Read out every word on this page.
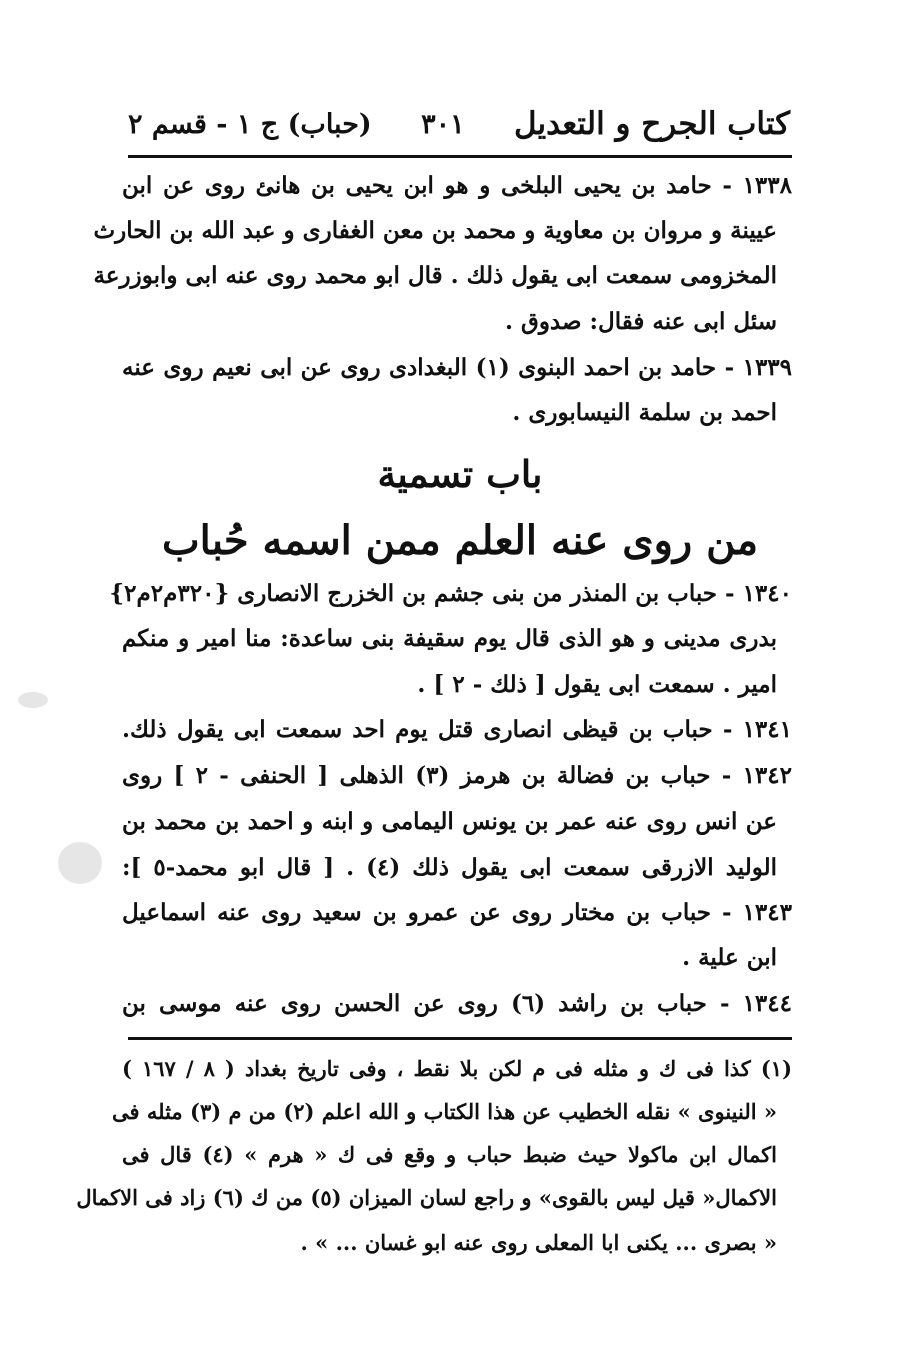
كتاب الجرح و التعديل
٣٠١
(حباب) ج ١ - قسم ٢
١٣٣٨ - حامد بن يحيى البلخى و هو ابن يحيى بن هانئ روى عن ابن
عيينة و مروان بن معاوية و محمد بن معن الغفارى و عبد الله بن الحارث
المخزومى سمعت ابى يقول ذلك . قال ابو محمد روى عنه ابى وابوزرعة
سئل ابى عنه فقال: صدوق .
١٣٣٩ - حامد بن احمد البنوى (١) البغدادى روى عن ابى نعيم روى عنه
احمد بن سلمة النيسابورى .
باب تسمية
من روى عنه العلم ممن اسمه حُباب
١٣٤٠ - حباب بن المنذر من بنى جشم بن الخزرج الانصارى {٣٢٠م٢م٢}
بدرى مدينى و هو الذى قال يوم سقيفة بنى ساعدة: منا امير و منكم
امير . سمعت ابى يقول [ ذلك - ٢ ] .
١٣٤١ - حباب بن قيظى انصارى قتل يوم احد سمعت ابى يقول ذلك.
١٣٤٢ - حباب بن فضالة بن هرمز (٣) الذهلى [ الحنفى - ٢ ] روى
عن انس روى عنه عمر بن يونس اليمامى و ابنه و احمد بن محمد بن
الوليد الازرقى سمعت ابى يقول ذلك (٤) . [ قال ابو محمد-٥ ]:
١٣٤٣ - حباب بن مختار روى عن عمرو بن سعيد روى عنه اسماعيل
ابن علية .
١٣٤٤ - حباب بن راشد (٦) روى عن الحسن روى عنه موسى بن
(١) كذا فى ك و مثله فى م لكن بلا نقط ، وفى تاريخ بغداد ( ٨ / ١٦٧ )
« النينوى » نقله الخطيب عن هذا الكتاب و الله اعلم (٢) من م (٣) مثله فى
اكمال ابن ماكولا حيث ضبط حباب و وقع فى ك « هرم » (٤) قال فى
الاكمال« قيل ليس بالقوى» و راجع لسان الميزان (٥) من ك (٦) زاد فى الاكمال
« بصرى ... يكنى ابا المعلى روى عنه ابو غسان ... » .
